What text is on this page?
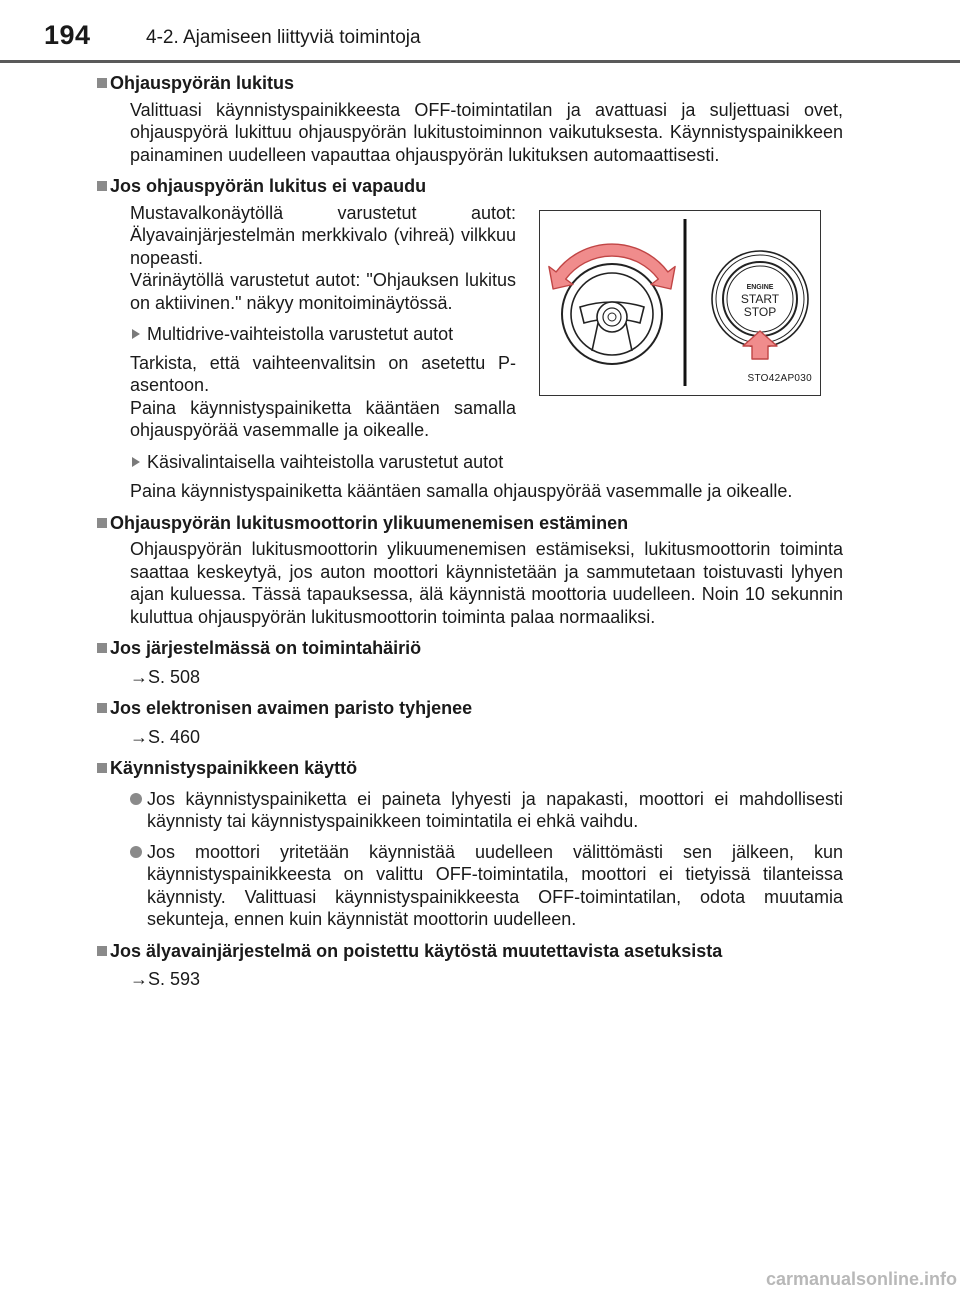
194	4-2. Ajamiseen liittyviä toimintoja
Ohjauspyörän lukitus
Valittuasi käynnistyspainikkeesta OFF-toimintatilan ja avattuasi ja suljettuasi ovet, ohjauspyörä lukittuu ohjauspyörän lukitustoiminnon vaikutuksesta. Käynnistyspainikkeen painaminen uudelleen vapauttaa ohjauspyörän lukituksen automaattisesti.
Jos ohjauspyörän lukitus ei vapaudu

Mustavalkonäytöllä varustetut autot: Älyavainjärjestelmän merkkivalo (vihreä) vilkkuu nopeasti.

Värinäytöllä varustetut autot: "Ohjauksen lukitus on aktiivinen." näkyy monitoiminäytössä.

Multidrive-vaihteistolla varustetut autot

Tarkista, että vaihteenvalitsin on asetettu P-asentoon.

Paina käynnistyspainiketta kääntäen samalla ohjauspyörää vasemmalle ja oikealle.

ENGINE
START
STOP
STO42AP030
Käsivalintaisella vaihteistolla varustetut autot
Paina käynnistyspainiketta kääntäen samalla ohjauspyörää vasemmalle ja oikealle.
Ohjauspyörän lukitusmoottorin ylikuumenemisen estäminen
Ohjauspyörän lukitusmoottorin ylikuumenemisen estämiseksi, lukitusmoottorin toiminta saattaa keskeytyä, jos auton moottori käynnistetään ja sammutetaan toistuvasti lyhyen ajan kuluessa. Tässä tapauksessa, älä käynnistä moottoria uudelleen. Noin 10 sekunnin kuluttua ohjauspyörän lukitusmoottorin toiminta palaa normaaliksi.
Jos järjestelmässä on toimintahäiriö
→S. 508
Jos elektronisen avaimen paristo tyhjenee
→S. 460
Käynnistyspainikkeen käyttö
Jos käynnistyspainiketta ei paineta lyhyesti ja napakasti, moottori ei mahdollisesti käynnisty tai käynnistyspainikkeen toimintatila ei ehkä vaihdu.
Jos moottori yritetään käynnistää uudelleen välittömästi sen jälkeen, kun käynnistyspainikkeesta on valittu OFF-toimintatila, moottori ei tietyissä tilanteissa käynnisty. Valittuasi käynnistyspainikkeesta OFF-toimintatilan, odota muutamia sekunteja, ennen kuin käynnistät moottorin uudelleen.
Jos älyavainjärjestelmä on poistettu käytöstä muutettavista asetuksista
→S. 593
carmanualsonline.info
